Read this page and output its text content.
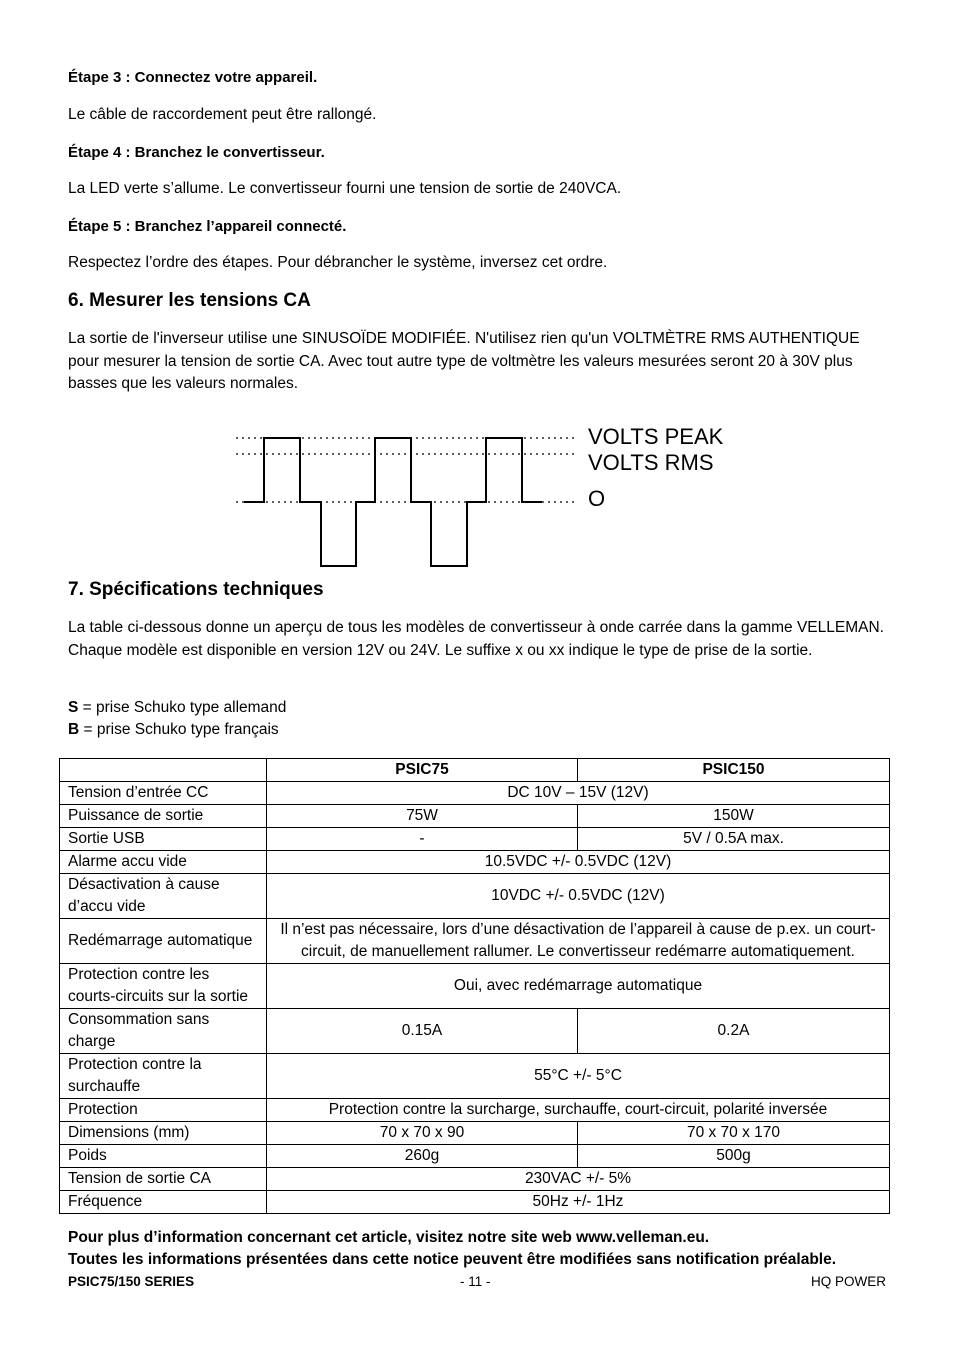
Étape 3 : Connectez votre appareil.
Le câble de raccordement peut être rallongé.
Étape 4 : Branchez le convertisseur.
La LED verte s’allume. Le convertisseur fourni une tension de sortie de 240VCA.
Étape 5 : Branchez l’appareil connecté.
Respectez l’ordre des étapes. Pour débrancher le système, inversez cet ordre.
6. Mesurer les tensions CA
La sortie de l'inverseur utilise une SINUSOÏDE MODIFIÉE. N'utilisez rien qu'un VOLTMÈTRE RMS AUTHENTIQUE pour mesurer la tension de sortie CA. Avec tout autre type de voltmètre les valeurs mesurées seront 20 à 30V plus basses que les valeurs normales.
7. Spécifications techniques
La table ci-dessous donne un aperçu de tous les modèles de convertisseur à onde carrée dans la gamme VELLEMAN. Chaque modèle est disponible en version 12V ou 24V. Le suffixe x ou xx indique le type de prise de la sortie.
S = prise Schuko type allemand
B = prise Schuko type français
VOLTS PEAK
VOLTS RMS
O
	PSIC75	PSIC150
Tension d’entrée CC	DC 10V – 15V (12V)	
Puissance de sortie	75W	150W
Sortie USB	-	5V / 0.5A max.
Alarme accu vide	10.5VDC +/- 0.5VDC (12V)	
Désactivation à cause d’accu vide	10VDC +/- 0.5VDC (12V)	
Redémarrage automatique	Il n’est pas nécessaire, lors d’une désactivation de l’appareil à cause de p.ex. un court-circuit, de manuellement rallumer. Le convertisseur redémarre automatiquement.	
Protection contre les courts-circuits sur la sortie	Oui, avec redémarrage automatique	
Consommation sans charge	0.15A	0.2A
Protection contre la surchauffe	55°C +/- 5°C	
Protection	Protection contre la surcharge, surchauffe, court-circuit, polarité inversée	
Dimensions (mm)	70 x 70 x 90	70 x 70 x 170
Poids	260g	500g
Tension de sortie CA	230VAC +/- 5%	
Fréquence	50Hz +/- 1Hz	
Pour plus d’information concernant cet article, visitez notre site web www.velleman.eu.
Toutes les informations présentées dans cette notice peuvent être modifiées sans notification préalable.
PSIC75/150 SERIES	- 11 -	HQ POWER
